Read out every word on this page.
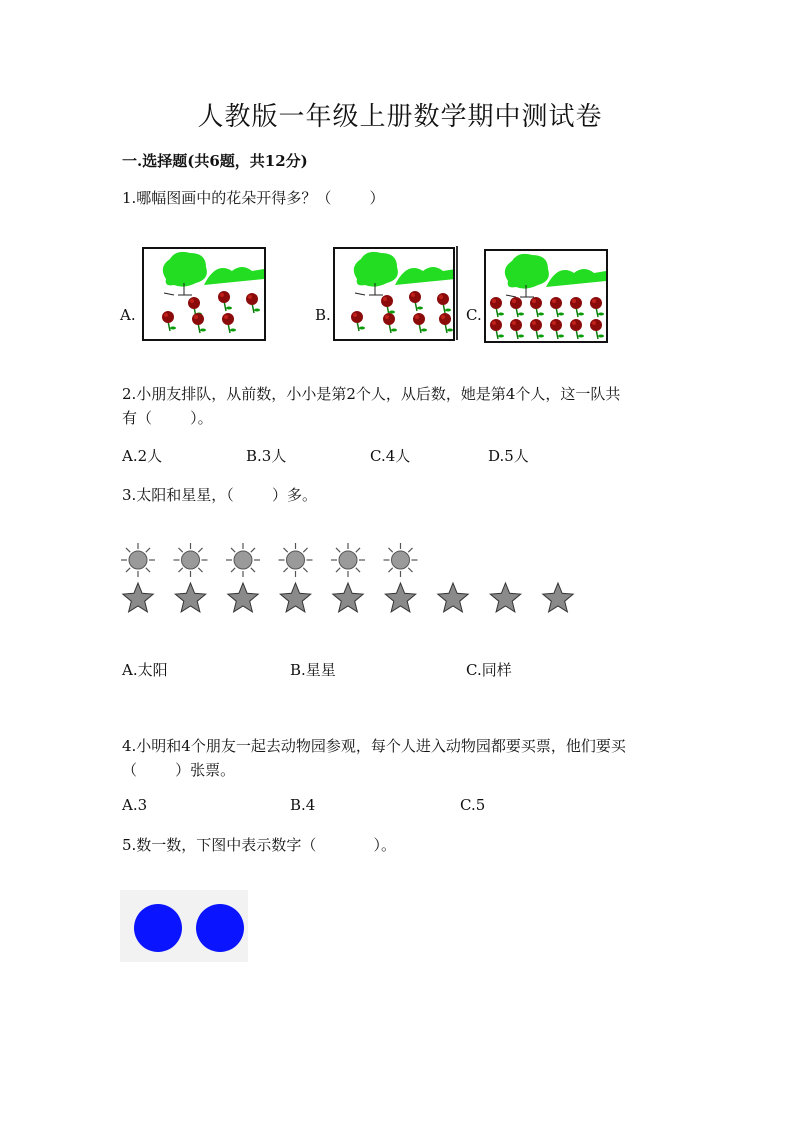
人教版一年级上册数学期中测试卷
一.选择题(共6题，共12分)
1.哪幅图画中的花朵开得多？（        ）
A.	B.	C.
2.小朋友排队，从前数，小小是第2个人，从后数，她是第4个人，这一队共
有（        ）。
A.2人	B.3人	C.4人	D.5人
3.太阳和星星，（        ）多。
A.太阳	B.星星	C.同样
4.小明和4个朋友一起去动物园参观，每个人进入动物园都要买票，他们要买
（        ）张票。
A.3	B.4	C.5
5.数一数，下图中表示数字（            ）。
